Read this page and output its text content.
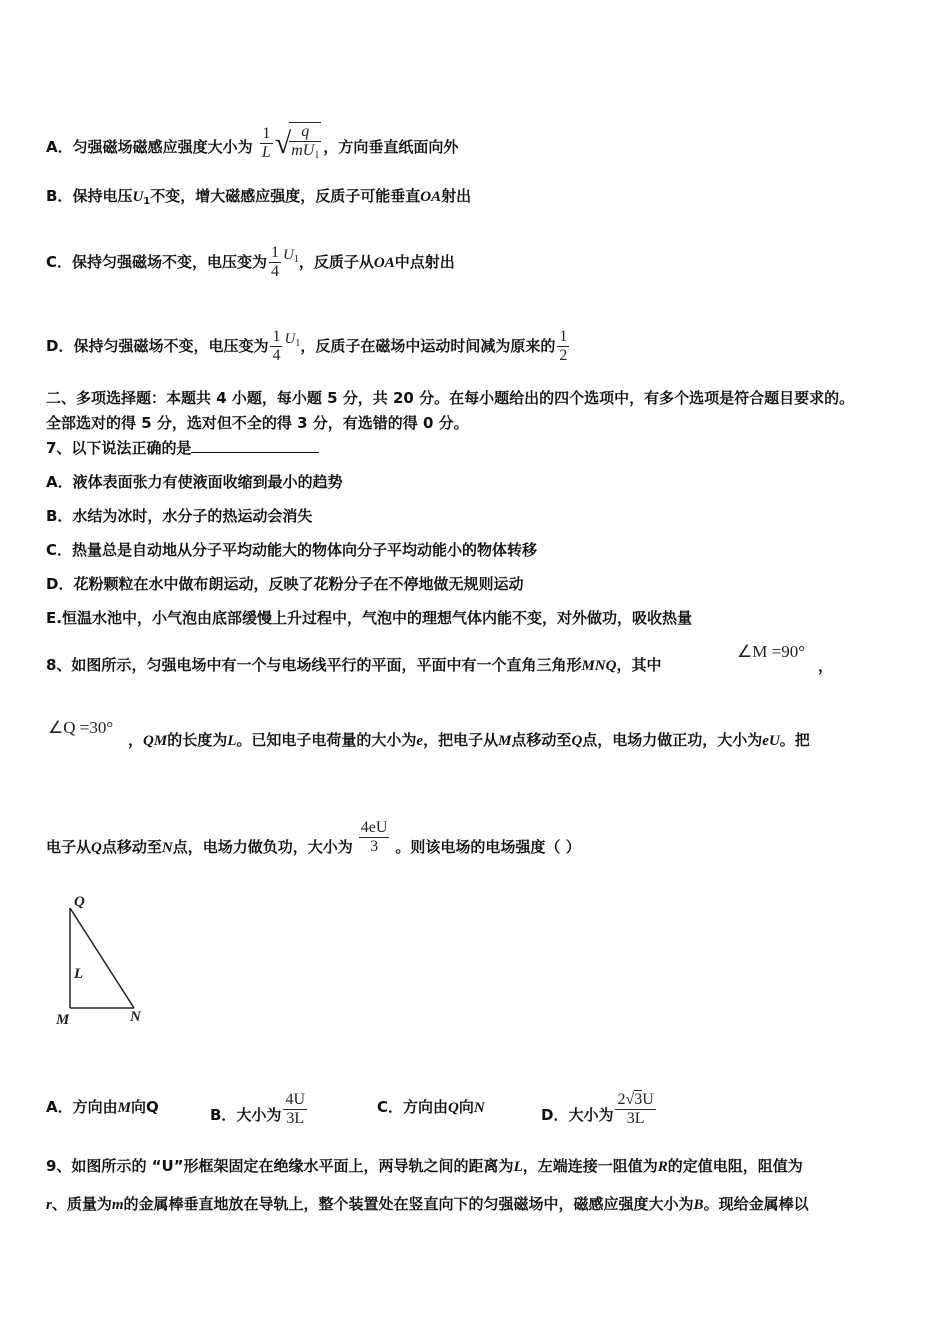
A．匀强磁场磁感应强度大小为 $\frac{1}{L}$ √
$\frac{q}{mU_1}$ ，方向垂直纸面向外
B．保持电压$U_1$不变，增大磁感应强度，反质子可能垂直OA射出
C．保持匀强磁场不变，电压变为 $\frac{1}{4} U^1$，反质子从OA中点射出
D．保持匀强磁场不变，电压变为 $\frac{1}{4} U^1$，反质子在磁场中运动时间减为原来的 $\frac{1}{2}$
二、多项选择题：本题共 4 小题，每小题 5 分，共 20 分。在每小题给出的四个选项中，有多个选项是符合题目要求的。
全部选对的得 5 分，选对但不全的得 3 分，有选错的得 0 分。
7、以下说法正确的是
A．液体表面张力有使液面收缩到最小的趋势
B．水结为冰时，水分子的热运动会消失
C．热量总是自动地从分子平均动能大的物体向分子平均动能小的物体转移
D．花粉颗粒在水中做布朗运动，反映了花粉分子在不停地做无规则运动
E.恒温水池中，小气泡由底部缓慢上升过程中，气泡中的理想气体内能不变，对外做功，吸收热量
8、如图所示，匀强电场中有一个与电场线平行的平面，平面中有一个直角三角形MNQ，其中
∠M =90°
，
∠Q =30°
，QM的长度为L。已知电子电荷量的大小为e，把电子从M点移动至Q点，电场力做正功，大小为eU。把
电子从Q点移动至N点，电场力做负功，大小为 $\frac{4eU}{3}$ 。则该电场的电场强度（ ）
Q
L
M	N
A．方向由M向Q	B．大小为 $\frac{4U}{3L}$	C．方向由Q向N	D．大小为 $\frac{2√3U}{3L}$
9、如图所示的 “U”形框架固定在绝缘水平面上，两导轨之间的距离为L，左端连接一阻值为R的定值电阻，阻值为
r、质量为m的金属棒垂直地放在导轨上，整个装置处在竖直向下的匀强磁场中，磁感应强度大小为B。现给金属棒以
